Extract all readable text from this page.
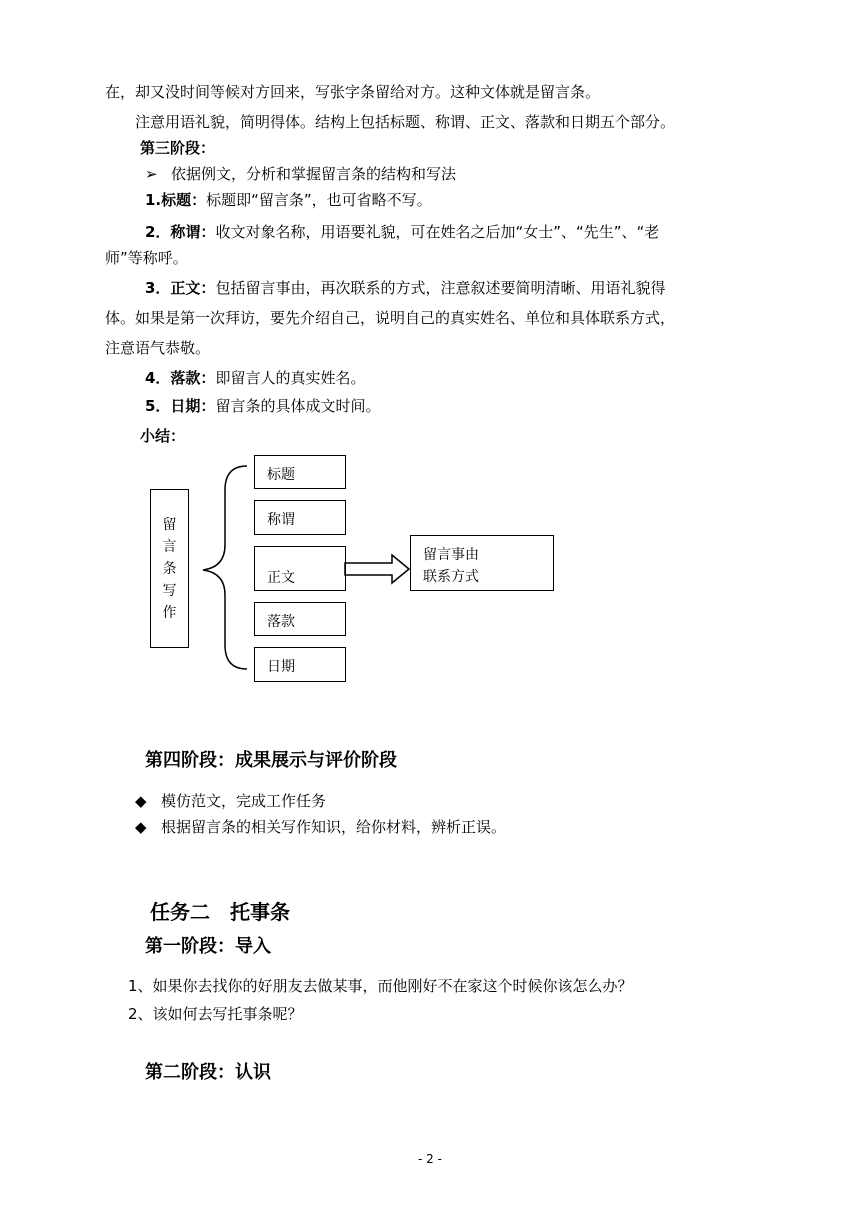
在，却又没时间等候对方回来，写张字条留给对方。这种文体就是留言条。
注意用语礼貌，简明得体。结构上包括标题、称谓、正文、落款和日期五个部分。
第三阶段：
➢ 依据例文，分析和掌握留言条的结构和写法
1.标题：标题即“留言条”，也可省略不写。
2．称谓：收文对象名称，用语要礼貌，可在姓名之后加“女士”、“先生”、“老
师”等称呼。
3．正文：包括留言事由，再次联系的方式，注意叙述要简明清晰、用语礼貌得
体。如果是第一次拜访，要先介绍自己，说明自己的真实姓名、单位和具体联系方式，
注意语气恭敬。
4．落款：即留言人的真实姓名。
5．日期：留言条的具体成文时间。
小结：
留
言
条
写
作
标题
称谓
正文
落款
日期
留言事由
联系方式
第四阶段：成果展示与评价阶段
◆ 模仿范文，完成工作任务
◆ 根据留言条的相关写作知识，给你材料，辨析正误。
任务二　托事条
第一阶段：导入
1、如果你去找你的好朋友去做某事，而他刚好不在家这个时候你该怎么办？
2、该如何去写托事条呢？
第二阶段：认识
- 2 -
